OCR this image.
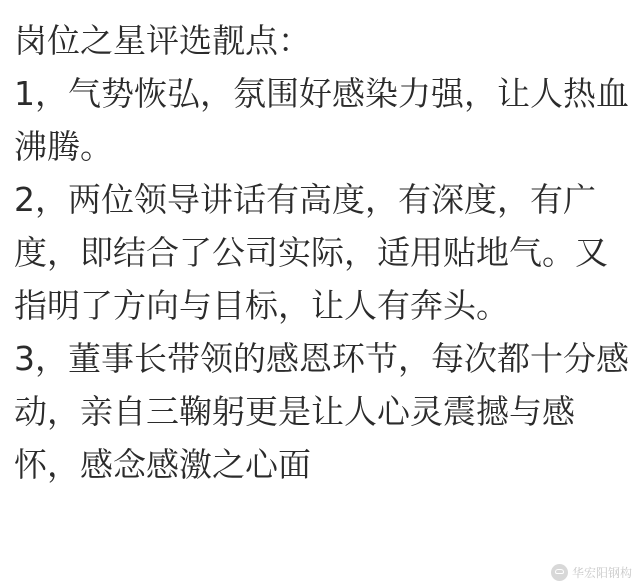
岗位之星评选靓点：

1，气势恢弘，氛围好感染力强，让人热血沸腾。

2，两位领导讲话有高度，有深度，有广度，即结合了公司实际，适用贴地气。又指明了方向与目标，让人有奔头。

3，董事长带领的感恩环节，每次都十分感动，亲自三鞠躬更是让人心灵震撼与感怀，感念感激之心面

华宏阳钢构
